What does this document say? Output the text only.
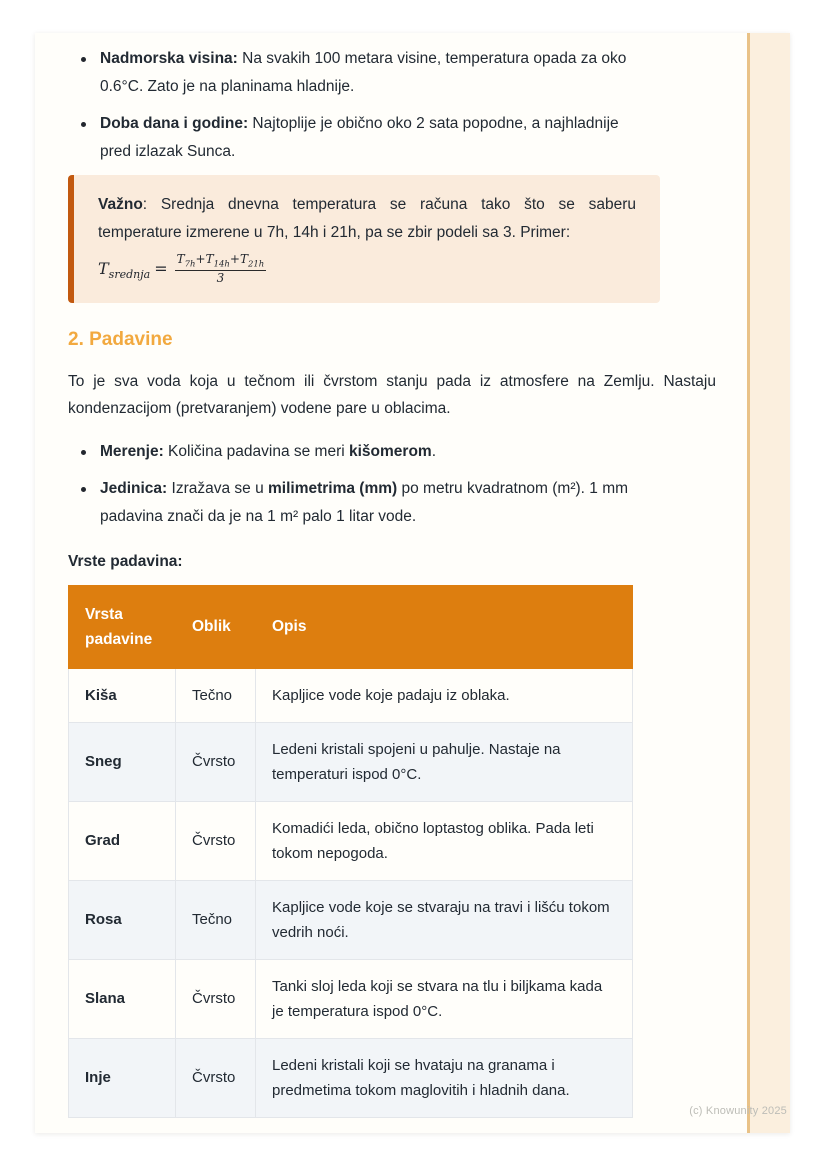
Nadmorska visina: Na svakih 100 metara visine, temperatura opada za oko 0.6°C. Zato je na planinama hladnije.
Doba dana i godine: Najtoplije je obično oko 2 sata popodne, a najhladnije pred izlazak Sunca.

Važno: Srednja dnevna temperatura se računa tako što se saberu temperature izmerene u 7h, 14h i 21h, pa se zbir podeli sa 3. Primer:

$T_{srednja} = \frac{T_{7h}+T_{14h}+T_{21h}}{3}$
2. Padavine

To je sva voda koja u tečnom ili čvrstom stanju pada iz atmosfere na Zemlju. Nastaju kondenzacijom (pretvaranjem) vodene pare u oblacima.

Merenje: Količina padavina se meri kišomerom.
Jedinica: Izražava se u milimetrima (mm) po metru kvadratnom (m²). 1 mm padavina znači da je na 1 m² palo 1 litar vode.
Vrste padavina:
Vrsta padavine	Oblik	Opis
Kiša	Tečno	Kapljice vode koje padaju iz oblaka.
Sneg	Čvrsto	Ledeni kristali spojeni u pahulje. Nastaje na temperaturi ispod 0°C.
Grad	Čvrsto	Komadići leda, obično loptastog oblika. Pada leti tokom nepogoda.
Rosa	Tečno	Kapljice vode koje se stvaraju na travi i lišću tokom vedrih noći.
Slana	Čvrsto	Tanki sloj leda koji se stvara na tlu i biljkama kada je temperatura ispod 0°C.
Inje	Čvrsto	Ledeni kristali koji se hvataju na granama i predmetima tokom maglovitih i hladnih dana.
(c) Knowunity 2025
